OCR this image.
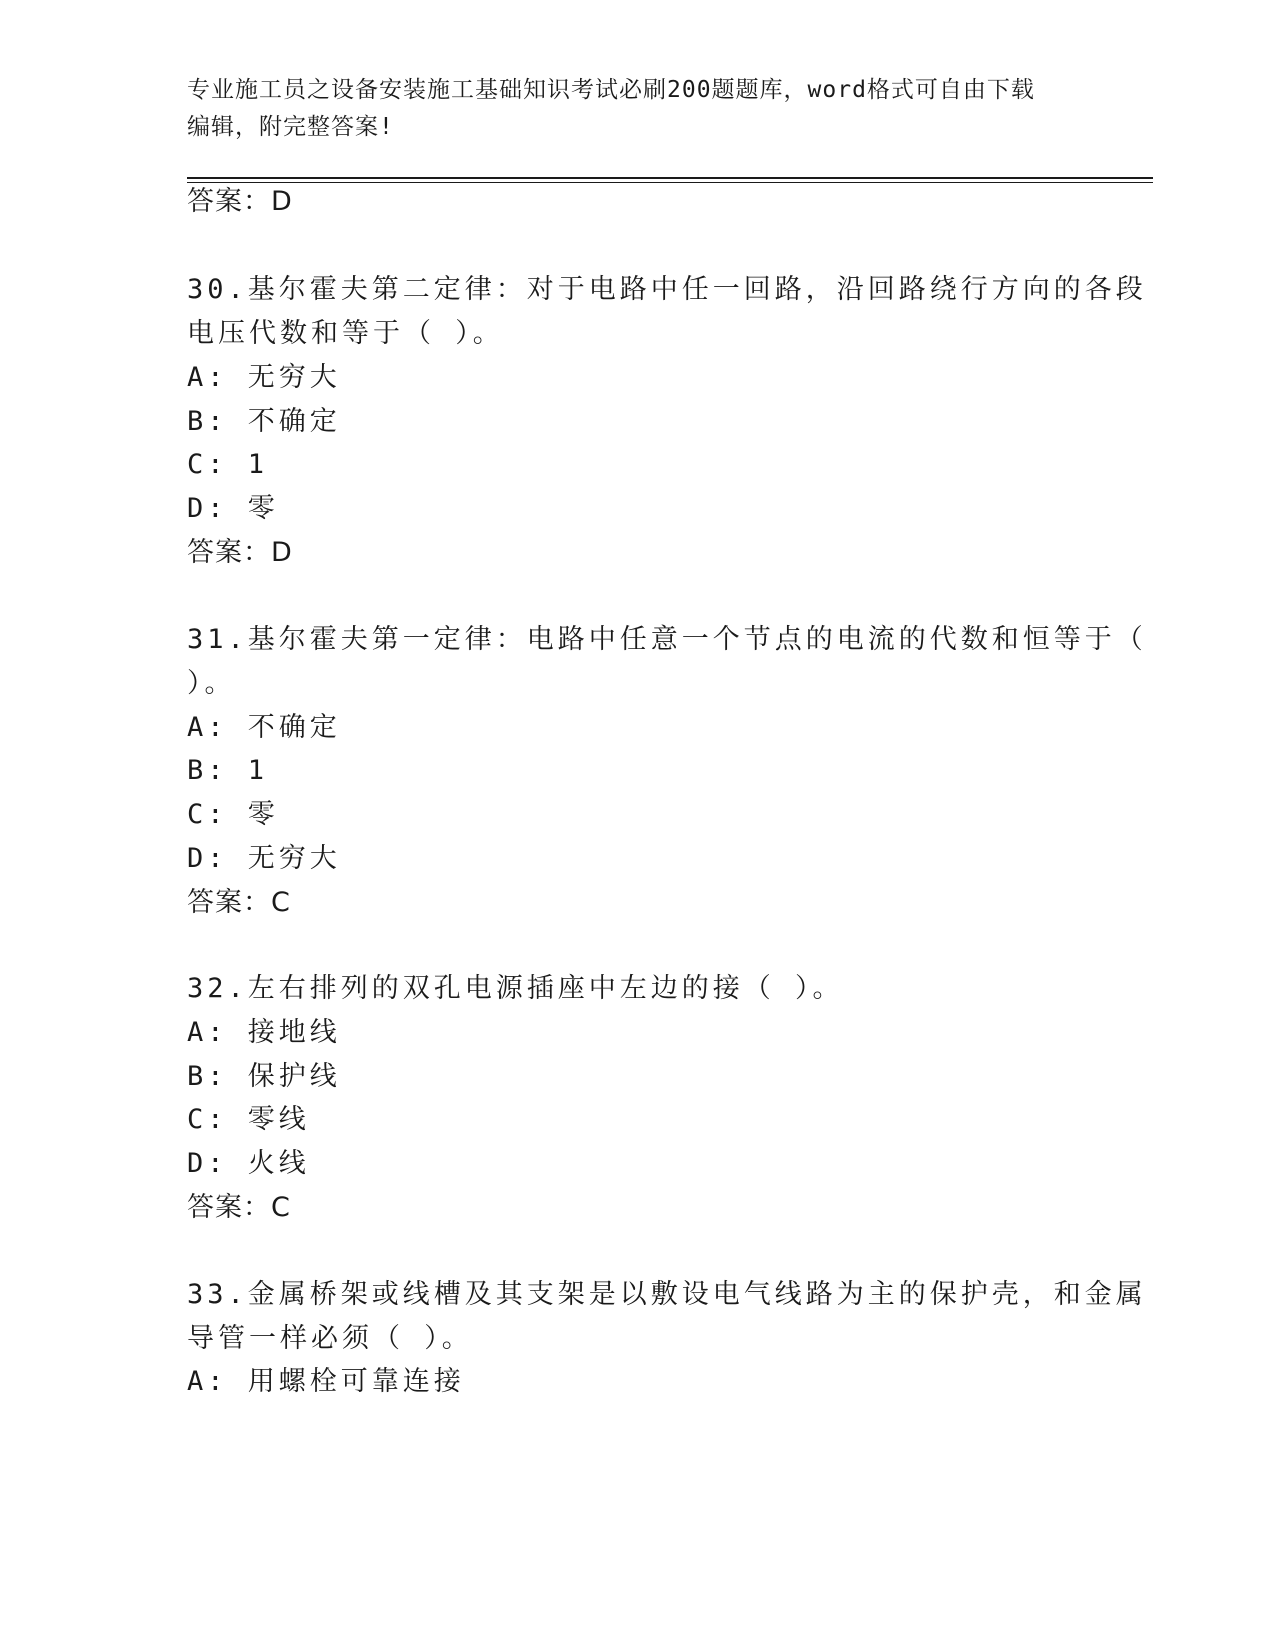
专业施工员之设备安装施工基础知识考试必刷200题题库，word格式可自由下载
编辑，附完整答案!
答案：D
30.基尔霍夫第二定律：对于电路中任一回路，沿回路绕行方向的各段
电压代数和等于（ ）。
A: 无穷大
B: 不确定
C: 1
D: 零
答案：D
31.基尔霍夫第一定律：电路中任意一个节点的电流的代数和恒等于（
）。
A: 不确定
B: 1
C: 零
D: 无穷大
答案：C
32.左右排列的双孔电源插座中左边的接（ ）。
A: 接地线
B: 保护线
C: 零线
D: 火线
答案：C
33.金属桥架或线槽及其支架是以敷设电气线路为主的保护壳，和金属
导管一样必须（ ）。
A: 用螺栓可靠连接
